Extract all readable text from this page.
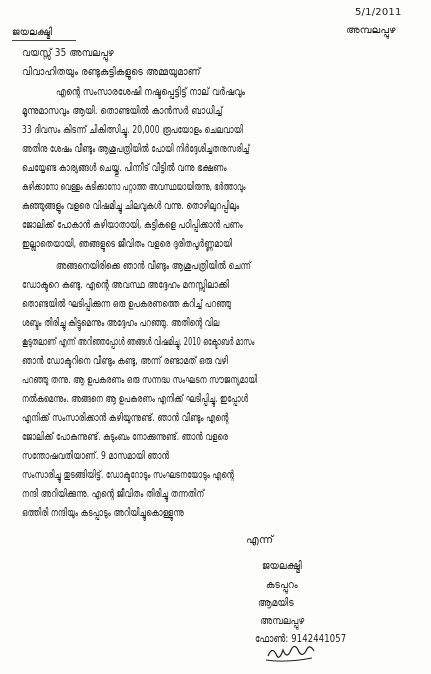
5/1/2011
ജയലക്ഷ്മി	അമ്പലപ്പുഴ
വയസ്സ് 35 അമ്പലപ്പുഴ
വിവാഹിതയും രണ്ടുകുട്ടികളുടെ അമ്മയുമാണ്
എന്റെ സംസാരശേഷി നഷ്ടപ്പെട്ടിട്ട് നാല് വർഷവും
മൂന്നുമാസവും ആയി. തൊണ്ടയിൽ കാൻസർ ബാധിച്ച്
33 ദിവസം കിടന്ന് ചികിത്സിച്ചു. 20,000 രൂപയോളം ചെലവായി
അതിനു ശേഷം വീണ്ടും ആശുപത്രിയിൽ പോയി നിർദ്ദേശിച്ചതനുസരിച്ച്
ചെയ്യേണ്ട കാര്യങ്ങൾ ചെയ്തു. പിന്നീട് വീട്ടിൽ വന്നു ഭക്ഷണം
കഴിക്കാനോ വെള്ളം കുടിക്കാനോ പറ്റാത്ത അവസ്ഥയായിരുന്നു, ഭർത്താവും
കുഞ്ഞുങ്ങളും വളരെ വിഷമിച്ചു ചിലവുകൾ വന്നു. തൊഴിലുറപ്പിലും
ജോലിക്ക് പോകാൻ കഴിയാതായി, കുട്ടികളെ പഠിപ്പിക്കാൻ പണം
ഇല്ലാതെയായി, ഞങ്ങളുടെ ജീവിതം വളരെ ദുരിതപൂർണ്ണമായി
അങ്ങനെയിരിക്കെ ഞാൻ വീണ്ടും ആശുപത്രിയിൽ ചെന്ന്
ഡോക്ടറെ കണ്ടു. എന്റെ അവസ്ഥ അദ്ദേഹം മനസ്സിലാക്കി
തൊണ്ടയിൽ ഘടിപ്പിക്കുന്ന ഒരു ഉപകരണത്തെ കുറിച്ച് പറഞ്ഞു
ശബ്ദം തിരിച്ചു കിട്ടുമെന്നും അദ്ദേഹം പറഞ്ഞു. അതിന്റെ വില
കൂടുതലാണ് എന്ന് അറിഞ്ഞപ്പോൾ ഞങ്ങൾ വിഷമിച്ചു. 2010 ഒക്ടോബർ മാസം
ഞാൻ ഡോക്ടറിനെ വീണ്ടും കണ്ടു, അന്ന് രണ്ടാമത് ഒരു വഴി
പറഞ്ഞു തന്നു. ആ ഉപകരണം ഒരു സന്നദ്ധ സംഘടന സൗജന്യമായി
നൽകുമെന്നും. അങ്ങനെ ആ ഉപകരണം എനിക്ക് ഘടിപ്പിച്ചു. ഇപ്പോൾ
എനിക്ക് സംസാരിക്കാൻ കഴിയുന്നുണ്ട്. ഞാൻ വീണ്ടും എന്റെ
ജോലിക്ക് പോകുന്നുണ്ട്. കുടുംബം നോക്കുന്നുണ്ട്. ഞാൻ വളരെ
സന്തോഷവതിയാണ്. 9 മാസമായി ഞാൻ
സംസാരിച്ചു തുടങ്ങിയിട്ട്. ഡോക്ടറോടും സംഘടനയോടും എന്റെ
നന്ദി അറിയിക്കുന്നു. എന്റെ ജീവിതം തിരിച്ചു തന്നതിന്
ഒത്തിരി നന്ദിയും കടപ്പാടും അറിയിച്ചുകൊള്ളുന്നു
എന്ന്
ജയലക്ഷ്മി
കടപ്പുറം
ആമയിട
അമ്പലപ്പുഴ
ഫോൺ: 9142441057
